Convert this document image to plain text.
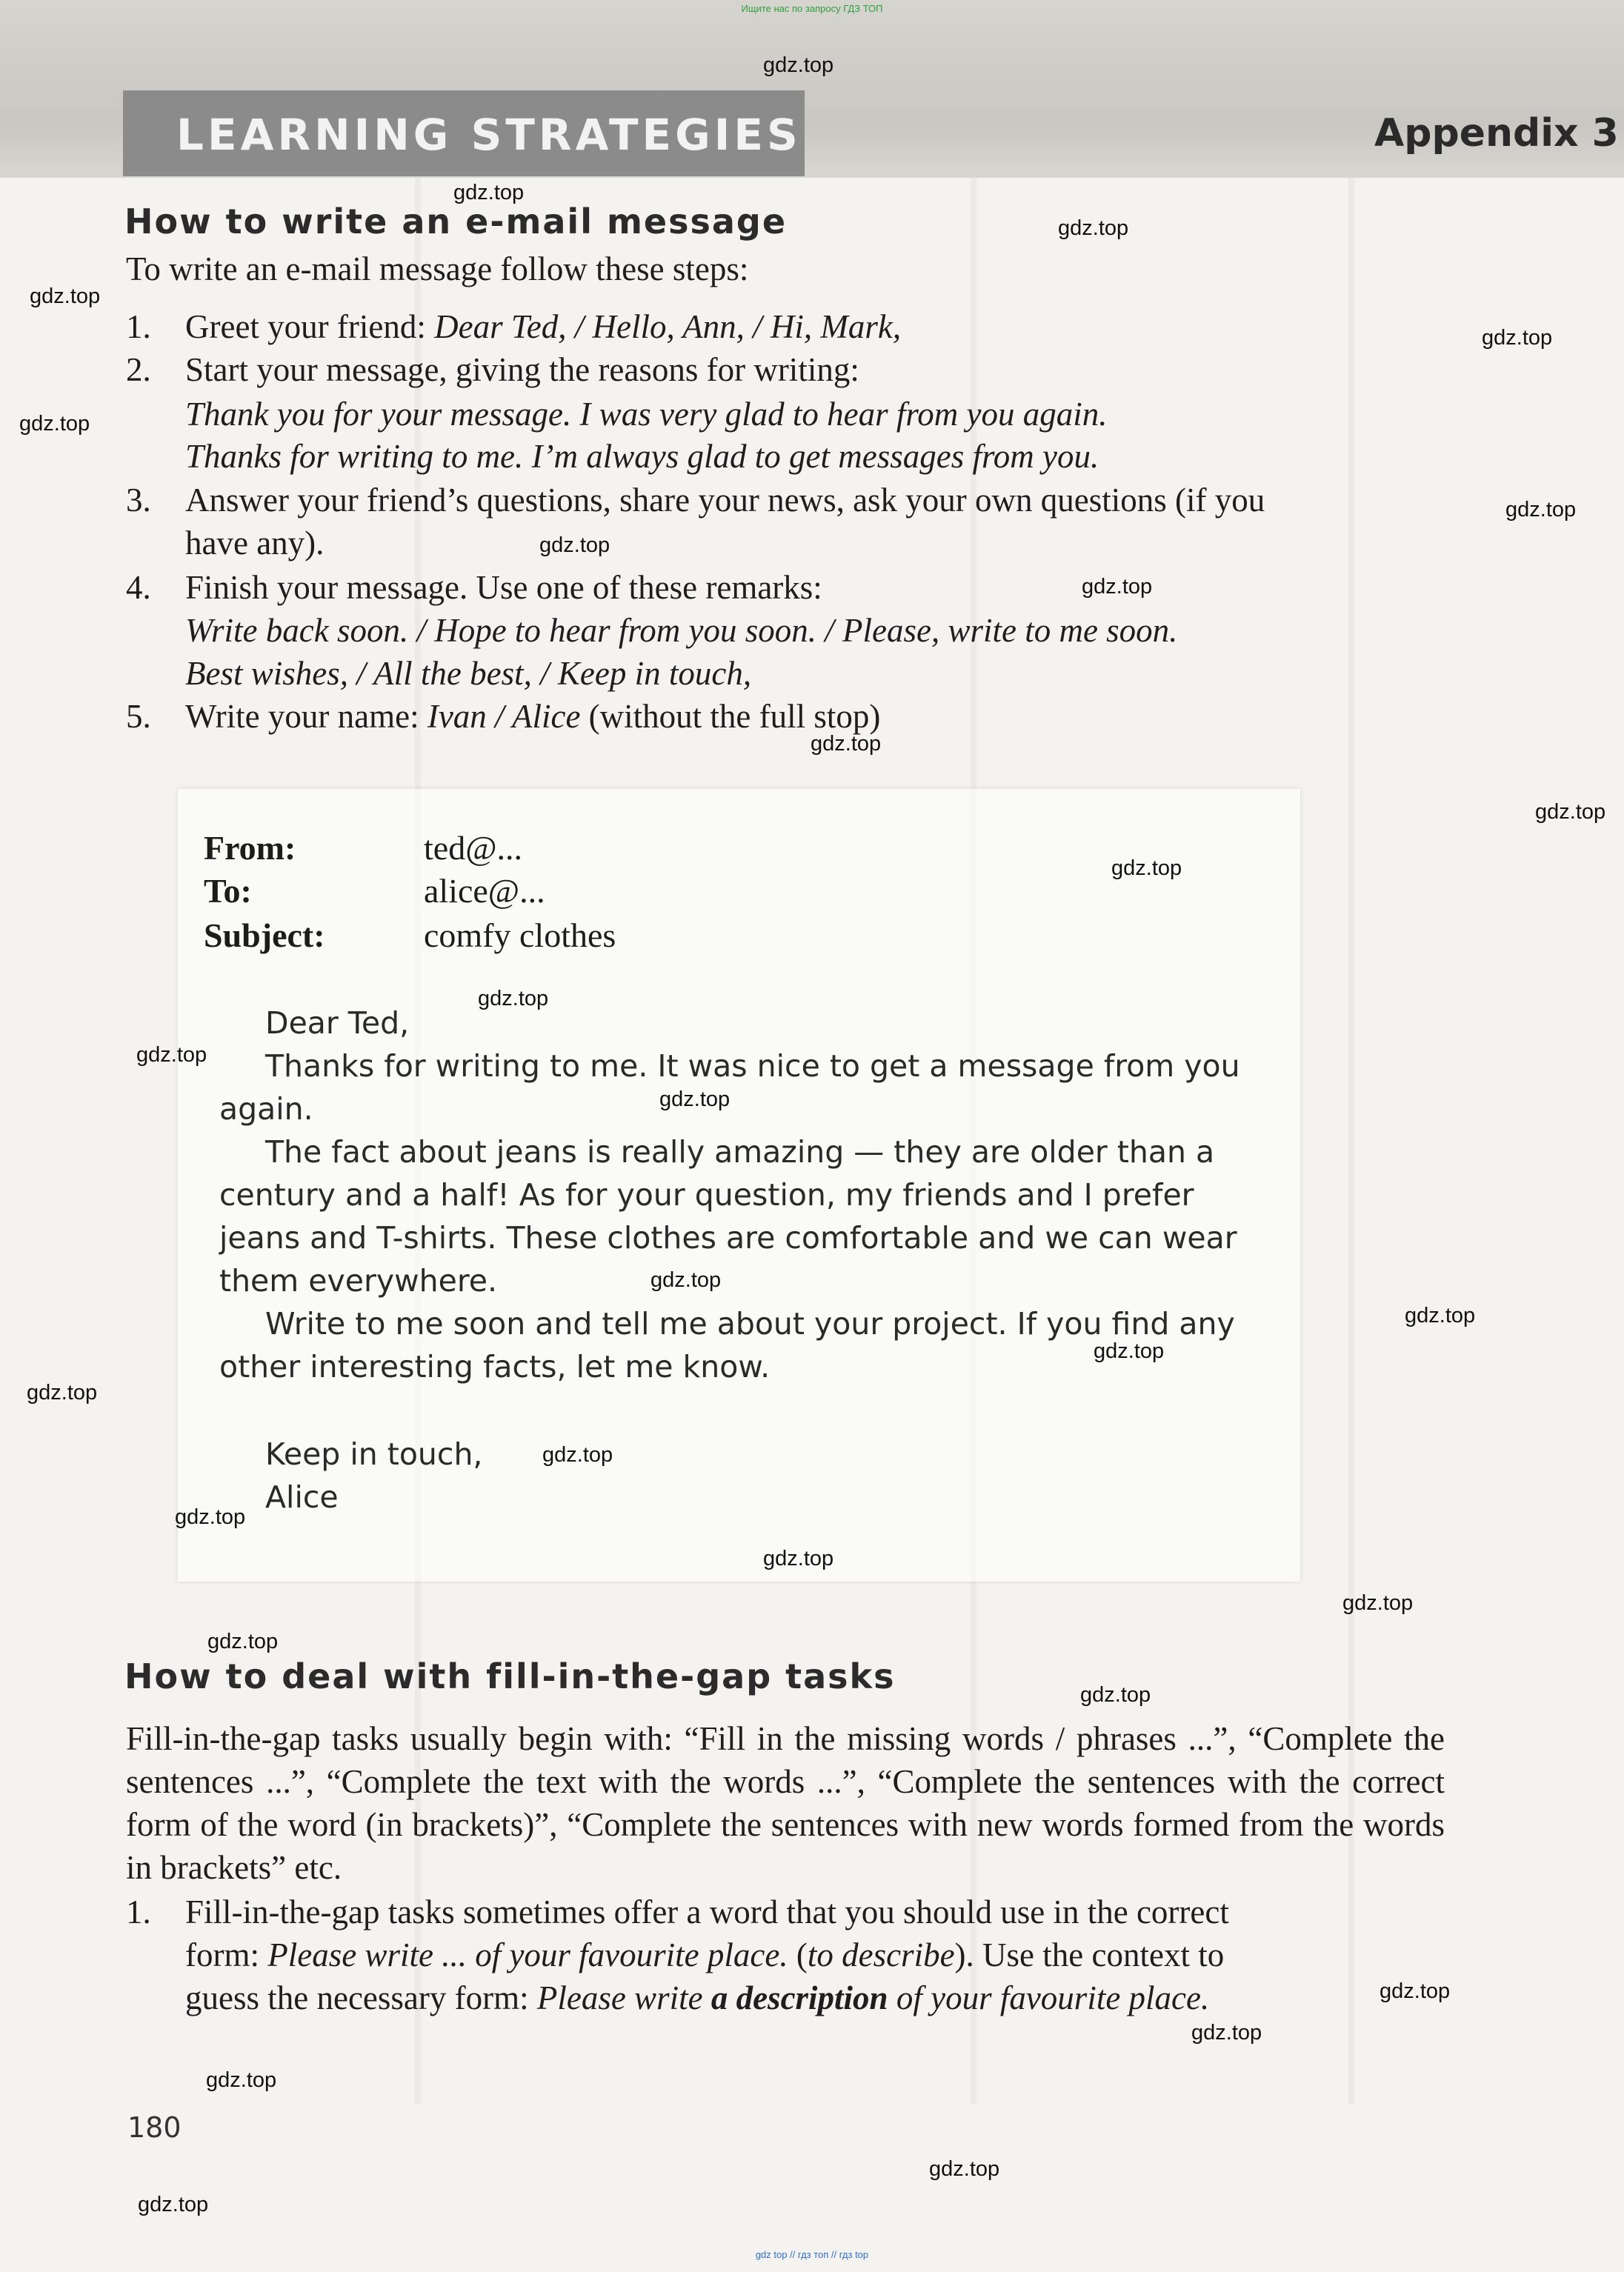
Ищите нас по запросу ГДЗ ТОП
LEARNING STRATEGIES	Appendix 3
How to write an e-mail message
To write an e-mail message follow these steps:
1. Greet your friend: Dear Ted, / Hello, Ann, / Hi, Mark,
2. Start your message, giving the reasons for writing:
Thank you for your message. I was very glad to hear from you again.
Thanks for writing to me. I’m always glad to get messages from you.
3. Answer your friend’s questions, share your news, ask your own questions (if you
have any).
4. Finish your message. Use one of these remarks:
Write back soon. / Hope to hear from you soon. / Please, write to me soon.
Best wishes, / All the best, / Keep in touch,
5. Write your name: Ivan / Alice (without the full stop)
From:	ted@...
To:	alice@...
Subject:	comfy clothes
Dear Ted,
Thanks for writing to me. It was nice to get a message from you
again.
The fact about jeans is really amazing — they are older than a
century and a half! As for your question, my friends and I prefer
jeans and T-shirts. These clothes are comfortable and we can wear
them everywhere.
Write to me soon and tell me about your project. If you find any
other interesting facts, let me know.
Keep in touch,
Alice
How to deal with fill-in-the-gap tasks
Fill-in-the-gap tasks usually begin with: “Fill in the missing words / phrases ...”, “Complete the sentences ...”, “Complete the text with the words ...”, “Complete the sentences with the correct form of the word (in brackets)”, “Complete the sentences with new words formed from the words in brackets” etc.
1. Fill-in-the-gap tasks sometimes offer a word that you should use in the correct
form: Please write ... of your favourite place. (to describe). Use the context to
guess the necessary form: Please write a description of your favourite place.
180
gdz top // гдз топ // гдз top
gdz.top
gdz.top
gdz.top
gdz.top
gdz.top
gdz.top
gdz.top
gdz.top
gdz.top
gdz.top
gdz.top
gdz.top
gdz.top
gdz.top
gdz.top
gdz.top
gdz.top
gdz.top
gdz.top
gdz.top
gdz.top
gdz.top
gdz.top
gdz.top
gdz.top
gdz.top
gdz.top
gdz.top
gdz.top
gdz.top
